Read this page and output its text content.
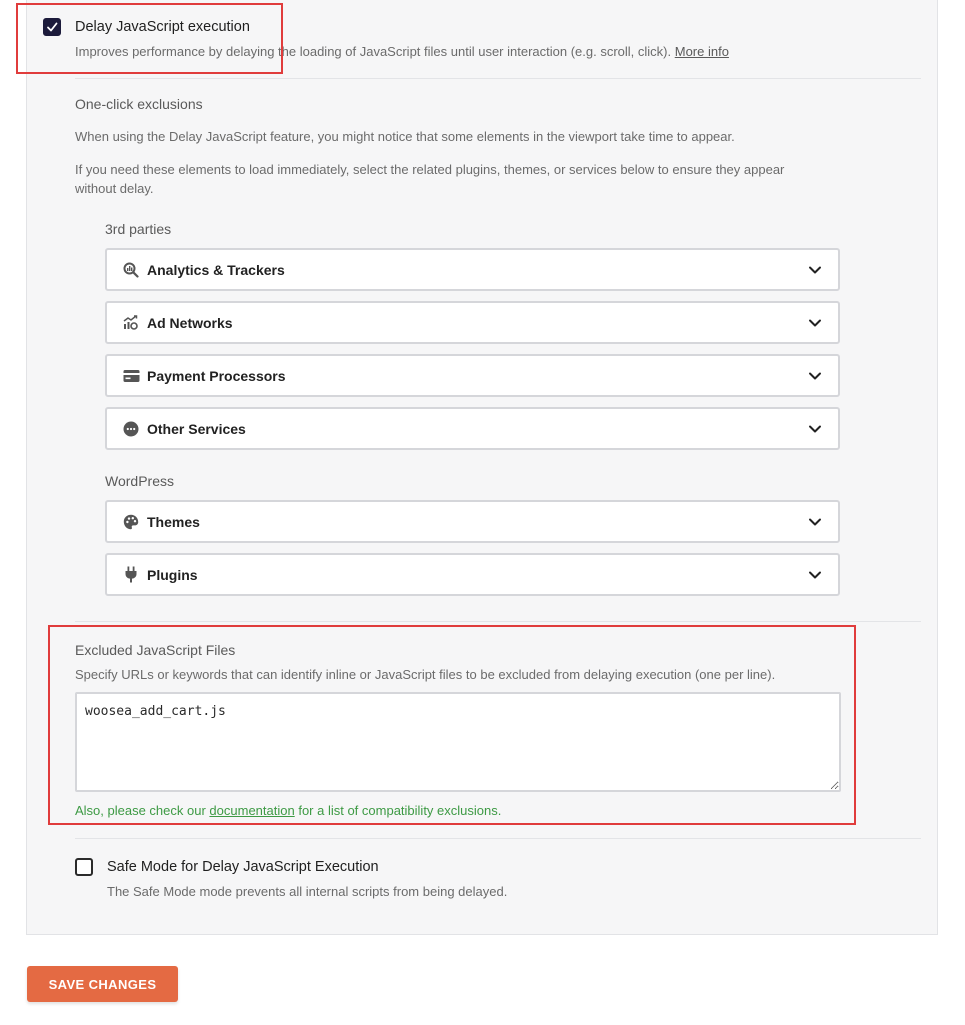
Delay JavaScript execution
Improves performance by delaying the loading of JavaScript files until user interaction (e.g. scroll, click). More info
One-click exclusions
When using the Delay JavaScript feature, you might notice that some elements in the viewport take time to appear.
If you need these elements to load immediately, select the related plugins, themes, or services below to ensure they appear
without delay.
3rd parties
Analytics & Trackers
Ad Networks
Payment Processors
Other Services
WordPress
Themes
Plugins
Excluded JavaScript Files
Specify URLs or keywords that can identify inline or JavaScript files to be excluded from delaying execution (one per line).
woosea_add_cart.js
Also, please check our documentation for a list of compatibility exclusions.
Safe Mode for Delay JavaScript Execution
The Safe Mode mode prevents all internal scripts from being delayed.
SAVE CHANGES
